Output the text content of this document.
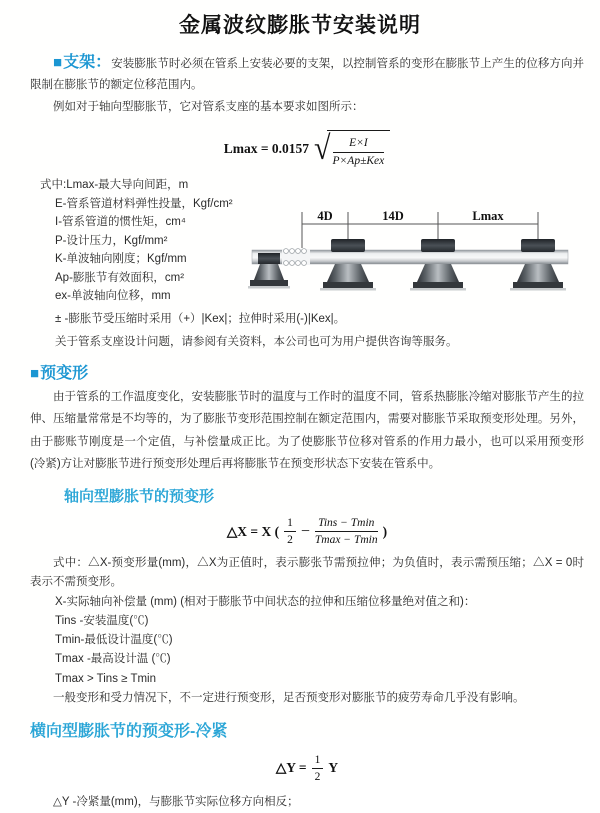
金属波纹膨胀节安装说明
■支架：安装膨胀节时必须在管系上安装必要的支架，以控制管系的变形在膨胀节上产生的位移方向并限制在膨胀节的额定位移范围内。
例如对于轴向型膨胀节，它对管系支座的基本要求如图所示：
Lmax = 0.0157 √ $\frac{E\times I}{\text{P×Ap±Kex}}$
4D	14D	Lmax
式中:Lmax-最大导向间距，m
E-管系管道材料弹性投量，Kgf/cm²
I-管系管道的惯性矩，cm⁴
P-设计压力，Kgf/mm²
K-单波轴向刚度；Kgf/mm
Ap-膨胀节有效面积，cm²
ex-单波轴向位移，mm
± -膨胀节受压缩时采用（+）|Kex|；拉伸时采用(-)|Kex|。
关于管系支座设计问题，请参阅有关资料，本公司也可为用户提供咨询等服务。
■预变形
由于管系的工作温度变化，安装膨胀节时的温度与工作时的温度不同，管系热膨胀冷缩对膨胀节产生的拉伸、压缩量常常是不均等的，为了膨胀节变形范围控制在额定范围内，需要对膨胀节采取预变形处理。另外，由于膨账节刚度是一个定值，与补偿量成正比。为了使膨胀节位移对管系的作用力最小，也可以采用预变形(冷紧)方让对膨胀节进行预变形处理后再将膨胀节在预变形状态下安装在管系中。
轴向型膨胀节的预变形
△X = X ( $\frac{1}{2} - \frac{\text{Tins − Tmin}}{Tmax - Tmin}$ )
式中：△X-预变形量(mm)，△X为正值时，表示膨张节需预拉伸；为负值时，表示需预压缩；△X = 0时表示不需预变形。
X-实际轴向补偿量 (mm) (相对于膨胀节中间状态的拉伸和压缩位移量绝对值之和)：
Tins -安装温度(℃)
Tmin-最低设计温度(℃)
Tmax -最高设计温 (℃)
Tmax > Tins ≥ Tmin
一般变形和受力情况下，不一定进行预变形，足否预变形对膨胀节的疲劳寿命几乎没有影响。
横向型膨胀节的预变形-冷紧
△Y = $\frac{1}{2}$ Y
△Y -冷紧量(mm)，与膨胀节实际位移方向相反；
